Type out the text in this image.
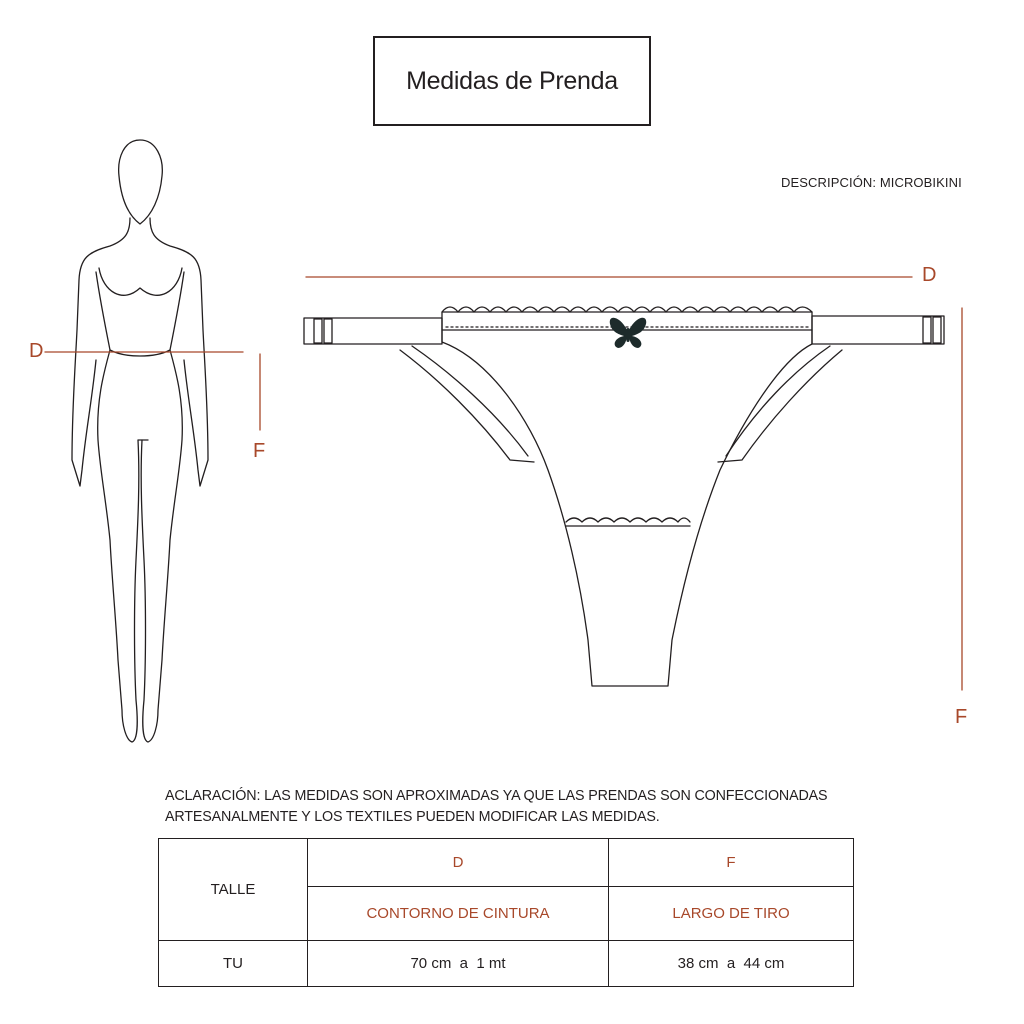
Medidas de Prenda
DESCRIPCIÓN: MICROBIKINI
D
F
D
F
ACLARACIÓN: LAS MEDIDAS SON APROXIMADAS YA QUE LAS PRENDAS SON CONFECCIONADAS ARTESANALMENTE Y LOS TEXTILES PUEDEN MODIFICAR LAS MEDIDAS.
TALLE	D	F
	CONTORNO DE CINTURA	LARGO DE TIRO
TU	70 cm  a  1 mt	38 cm  a  44 cm
